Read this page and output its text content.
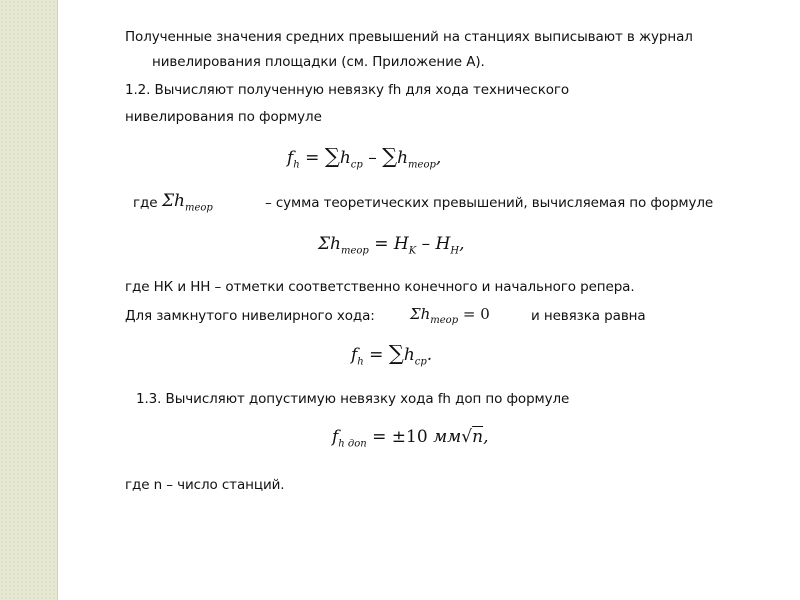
Полученные значения средних превышений на станциях выписывают в журнал
нивелирования площадки (см. Приложение А).
1.2. Вычисляют полученную невязку fh для хода технического
нивелирования по формуле
$f_h = \sum h_{ср} - \sum h_{теор}$,
где $\Sigma h_{теор}$	– сумма теоретических превышений, вычисляемая по формуле
$\Sigma h_{теор} = H_K - H_H$,
где НК и НН – отметки соответственно конечного и начального репера.
Для замкнутого нивелирного хода: $\Sigma h_{теор} = 0$	и невязка равна
$f_h = \sum h_{ср}$.
1.3. Вычисляют допустимую невязку хода fh доп по формуле
$f_{h доп} = \pm 10$ мм√n,
где n – число станций.
